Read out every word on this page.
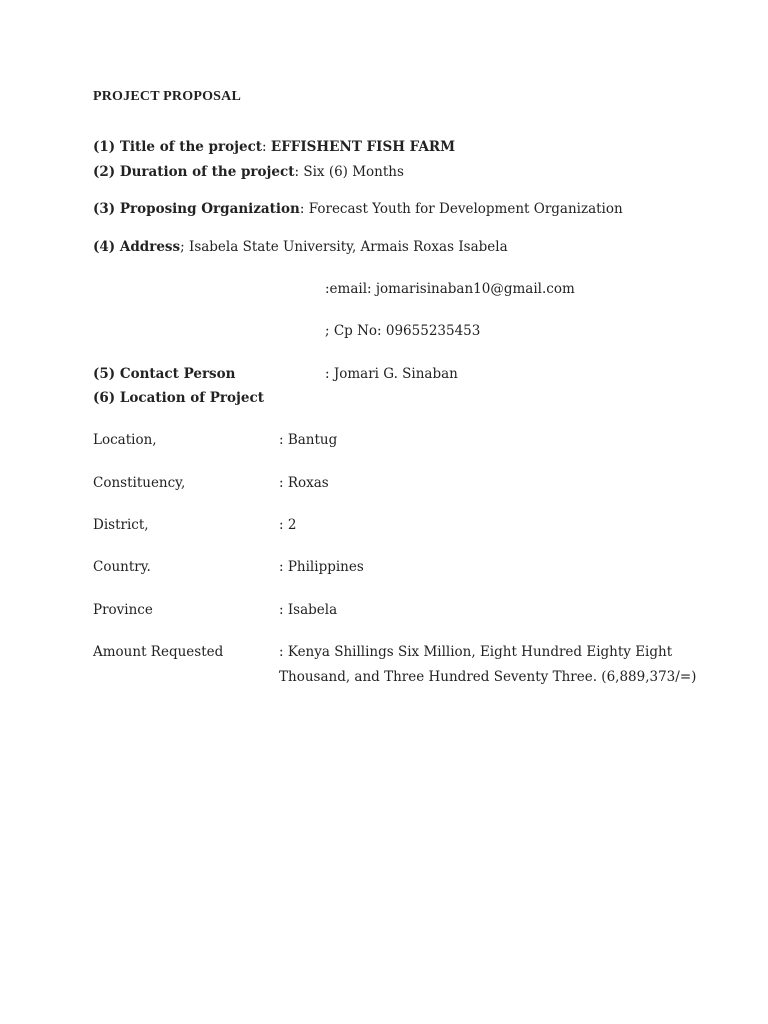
PROJECT PROPOSAL
(1) Title of the project: EFFISHENT FISH FARM
(2) Duration of the project: Six (6) Months
(3) Proposing Organization: Forecast Youth for Development Organization
(4) Address; Isabela State University, Armais Roxas Isabela
:email: jomarisinaban10@gmail.com
; Cp No: 09655235453
(5) Contact Person	: Jomari G. Sinaban
(6) Location of Project
Location,	: Bantug
Constituency,	: Roxas
District,	: 2
Country.	: Philippines
Province	: Isabela
Amount Requested	: Kenya Shillings Six Million, Eight Hundred Eighty Eight
Thousand, and Three Hundred Seventy Three. (6,889,373/=)
